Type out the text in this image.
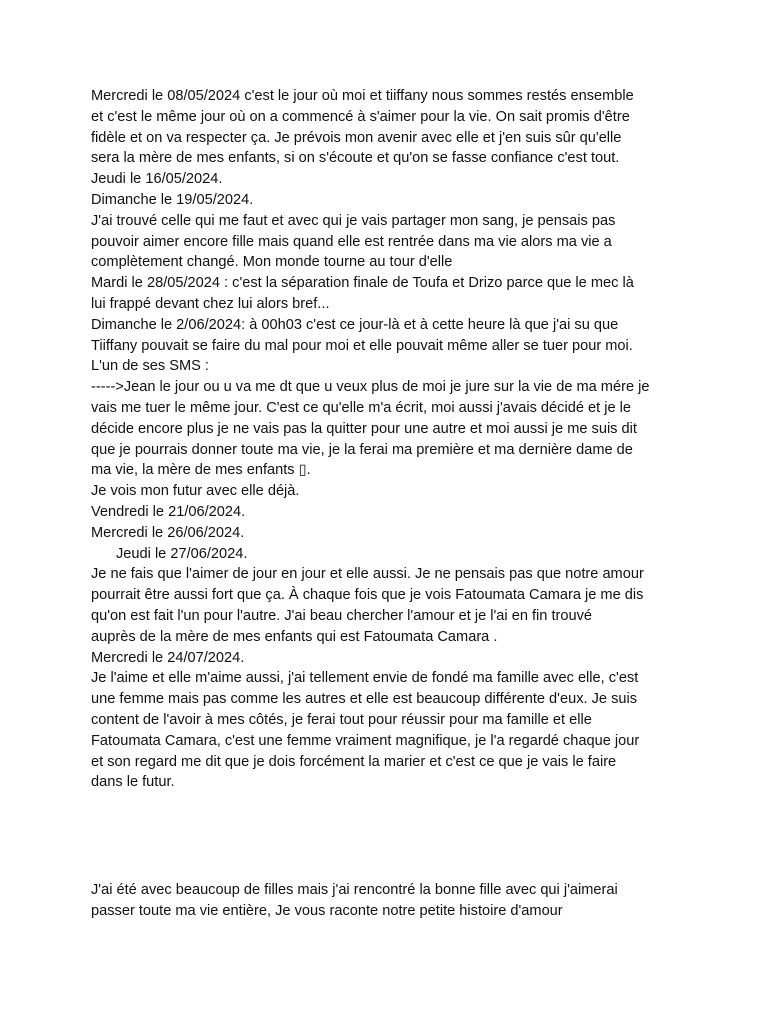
Mercredi le 08/05/2024 c'est le jour où moi et tiiffany nous sommes restés ensemble
et c'est le même jour où on a commencé à s'aimer pour la vie. On sait promis d'être
fidèle et on va respecter ça. Je prévois mon avenir avec elle et j'en suis sûr qu'elle
sera la mère de mes enfants, si on s'écoute et qu'on se fasse confiance c'est tout.
Jeudi le 16/05/2024.
Dimanche le 19/05/2024.
J'ai trouvé celle qui me faut et avec qui je vais partager mon sang, je pensais pas
pouvoir aimer encore fille mais quand elle est rentrée dans ma vie alors ma vie a
complètement changé. Mon monde tourne au tour d'elle
Mardi le 28/05/2024 : c'est la séparation finale de Toufa et Drizo parce que le mec là
lui frappé devant chez lui alors bref...
Dimanche le 2/06/2024: à 00h03 c'est ce jour-là et à cette heure là que j'ai su que
Tiiffany pouvait se faire du mal pour moi et elle pouvait même aller se tuer pour moi.
L'un de ses SMS :
----->Jean le jour ou u va me dt que u veux plus de moi je jure sur la vie de ma mére je
vais me tuer le même jour. C'est ce qu'elle m'a écrit, moi aussi j'avais décidé et je le
décide encore plus je ne vais pas la quitter pour une autre et moi aussi je me suis dit
que je pourrais donner toute ma vie, je la ferai ma première et ma dernière dame de
ma vie, la mère de mes enfants ▯.
Je vois mon futur avec elle déjà.
Vendredi le 21/06/2024.
Mercredi le 26/06/2024.
Jeudi le 27/06/2024.
Je ne fais que l'aimer de jour en jour et elle aussi. Je ne pensais pas que notre amour
pourrait être aussi fort que ça. À chaque fois que je vois Fatoumata Camara je me dis
qu'on est fait l'un pour l'autre. J'ai beau chercher l'amour et je l'ai en fin trouvé
auprès de la mère de mes enfants qui est Fatoumata Camara .
Mercredi le 24/07/2024.
Je l'aime et elle m'aime aussi, j'ai tellement envie de fondé ma famille avec elle, c'est
une femme mais pas comme les autres et elle est beaucoup différente d'eux. Je suis
content de l'avoir à mes côtés, je ferai tout pour réussir pour ma famille et elle
Fatoumata Camara, c'est une femme vraiment magnifique, je l'a regardé chaque jour
et son regard me dit que je dois forcément la marier et c'est ce que je vais le faire
dans le futur.
J'ai été avec beaucoup de filles mais j'ai rencontré la bonne fille avec qui j'aimerai
passer toute ma vie entière, Je vous raconte notre petite histoire d'amour
